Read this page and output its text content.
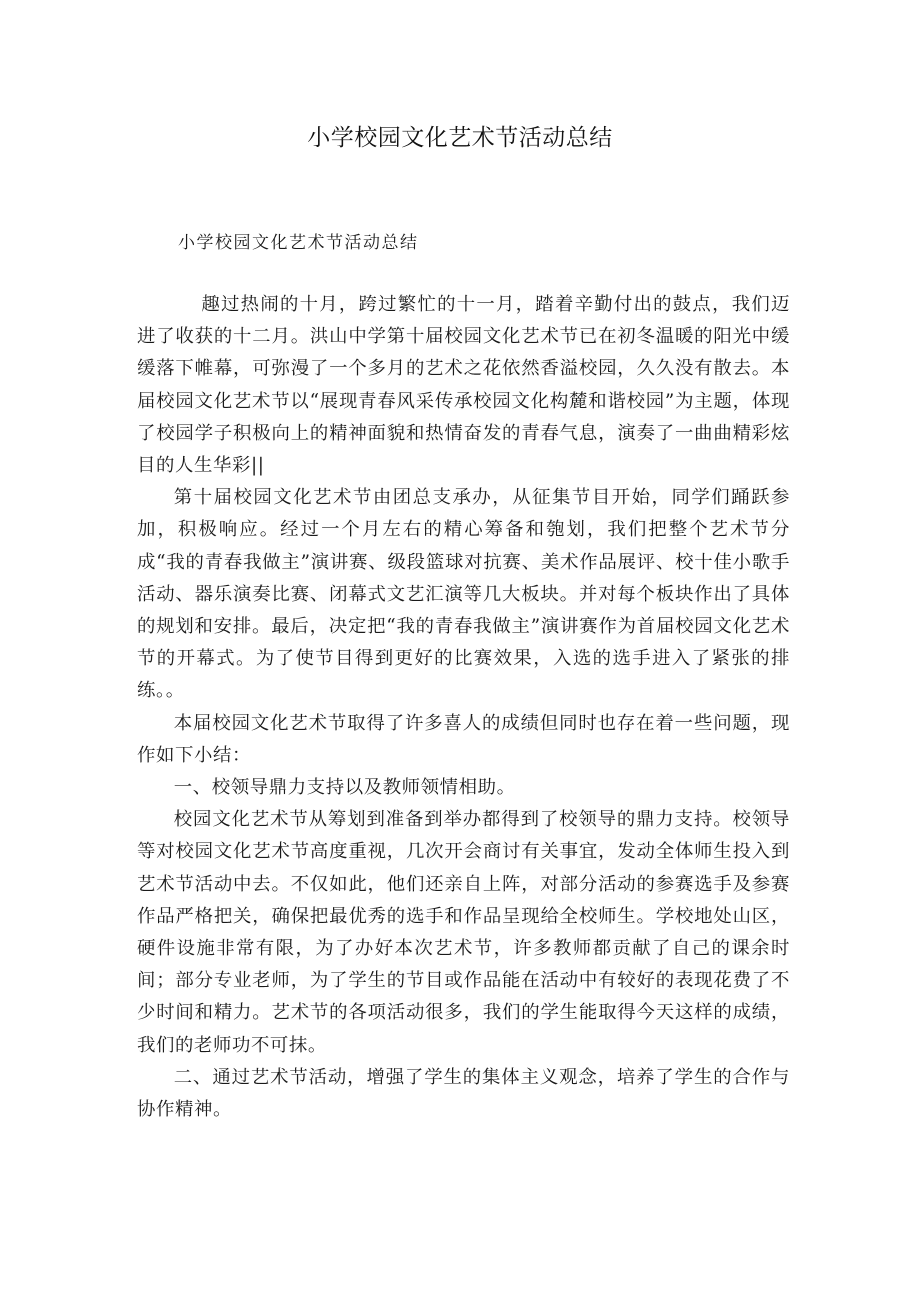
小学校园文化艺术节活动总结
小学校园文化艺术节活动总结

趣过热闹的十月，跨过繁忙的十一月，踏着辛勤付出的鼓点，我们迈进了收获的十二月。洪山中学第十届校园文化艺术节已在初冬温暖的阳光中缓缓落下帷幕，可弥漫了一个多月的艺术之花依然香溢校园，久久没有散去。本届校园文化艺术节以“展现青春风采传承校园文化构麓和谐校园”为主题，体现了校园学子积极向上的精神面貌和热情奋发的青春气息，演奏了一曲曲精彩炫目的人生华彩||

第十届校园文化艺术节由团总支承办，从征集节目开始，同学们踊跃参加，积极响应。经过一个月左右的精心筹备和匏划，我们把整个艺术节分成“我的青春我做主”演讲赛、级段篮球对抗赛、美术作品展评、校十佳小歌手活动、器乐演奏比赛、闭幕式文艺汇演等几大板块。并对每个板块作出了具体的规划和安排。最后，决定把“我的青春我做主”演讲赛作为首届校园文化艺术节的开幕式。为了使节目得到更好的比赛效果，入选的选手进入了紧张的排练。。

本届校园文化艺术节取得了许多喜人的成绩但同时也存在着一些问题，现作如下小结：

一、校领导鼎力支持以及教师领情相助。

校园文化艺术节从筹划到准备到举办都得到了校领导的鼎力支持。校领导等对校园文化艺术节高度重视，几次开会商讨有关事宜，发动全体师生投入到艺术节活动中去。不仅如此，他们还亲自上阵，对部分活动的参赛选手及参赛作品严格把关，确保把最优秀的选手和作品呈现给全校师生。学校地处山区，硬件设施非常有限，为了办好本次艺术节，许多教师都贡献了自己的课余时间；部分专业老师，为了学生的节目或作品能在活动中有较好的表现花费了不少时间和精力。艺术节的各项活动很多，我们的学生能取得今天这样的成绩，我们的老师功不可抹。

二、通过艺术节活动，增强了学生的集体主义观念，培养了学生的合作与协作精神。
